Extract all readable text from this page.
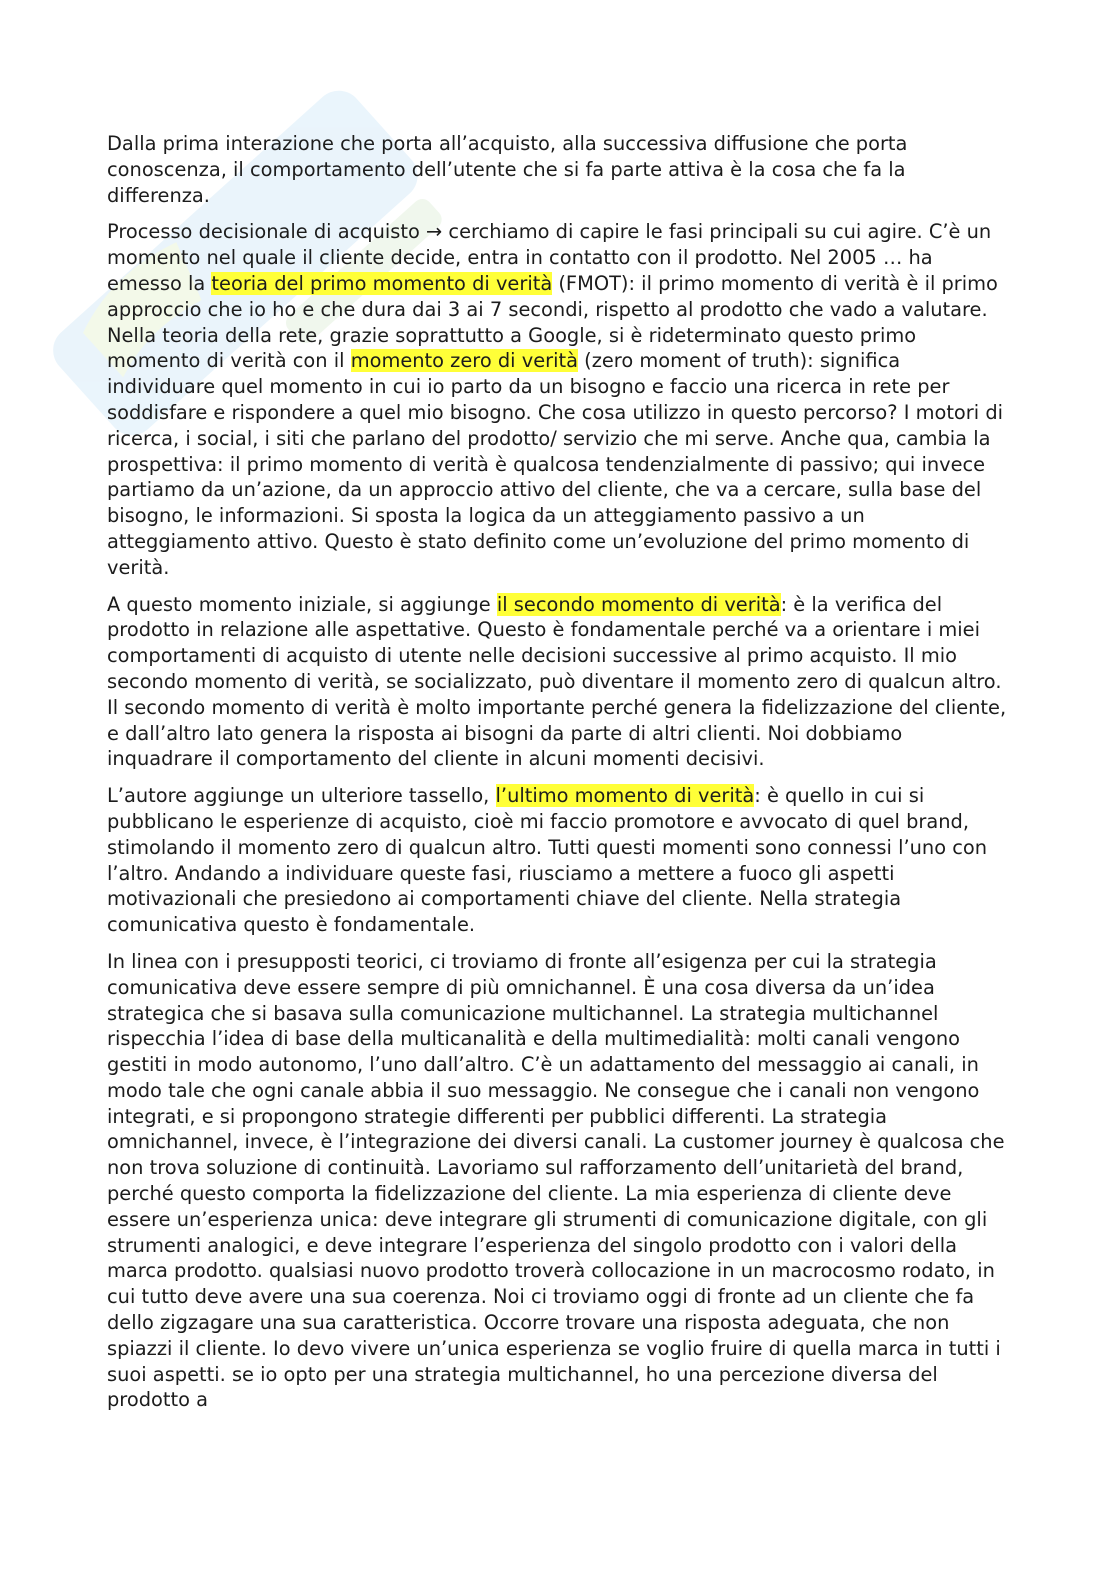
Dalla prima interazione che porta all’acquisto, alla successiva diffusione che porta conoscenza, il comportamento dell’utente che si fa parte attiva è la cosa che fa la differenza.

Processo decisionale di acquisto → cerchiamo di capire le fasi principali su cui agire. C’è un momento nel quale il cliente decide, entra in contatto con il prodotto. Nel 2005 … ha emesso la teoria del primo momento di verità (FMOT): il primo momento di verità è il primo approccio che io ho e che dura dai 3 ai 7 secondi, rispetto al prodotto che vado a valutare. Nella teoria della rete, grazie soprattutto a Google, si è rideterminato questo primo momento di verità con il momento zero di verità (zero moment of truth): significa individuare quel momento in cui io parto da un bisogno e faccio una ricerca in rete per soddisfare e rispondere a quel mio bisogno. Che cosa utilizzo in questo percorso? I motori di ricerca, i social, i siti che parlano del prodotto/ servizio che mi serve. Anche qua, cambia la prospettiva: il primo momento di verità è qualcosa tendenzialmente di passivo; qui invece partiamo da un’azione, da un approccio attivo del cliente, che va a cercare, sulla base del bisogno, le informazioni. Si sposta la logica da un atteggiamento passivo a un atteggiamento attivo. Questo è stato definito come un’evoluzione del primo momento di verità.

A questo momento iniziale, si aggiunge il secondo momento di verità: è la verifica del prodotto in relazione alle aspettative. Questo è fondamentale perché va a orientare i miei comportamenti di acquisto di utente nelle decisioni successive al primo acquisto. Il mio secondo momento di verità, se socializzato, può diventare il momento zero di qualcun altro. Il secondo momento di verità è molto importante perché genera la fidelizzazione del cliente, e dall’altro lato genera la risposta ai bisogni da parte di altri clienti. Noi dobbiamo inquadrare il comportamento del cliente in alcuni momenti decisivi.

L’autore aggiunge un ulteriore tassello, l’ultimo momento di verità: è quello in cui si pubblicano le esperienze di acquisto, cioè mi faccio promotore e avvocato di quel brand, stimolando il momento zero di qualcun altro. Tutti questi momenti sono connessi l’uno con l’altro. Andando a individuare queste fasi, riusciamo a mettere a fuoco gli aspetti motivazionali che presiedono ai comportamenti chiave del cliente. Nella strategia comunicativa questo è fondamentale.

In linea con i presupposti teorici, ci troviamo di fronte all’esigenza per cui la strategia comunicativa deve essere sempre di più omnichannel. È una cosa diversa da un’idea strategica che si basava sulla comunicazione multichannel. La strategia multichannel rispecchia l’idea di base della multicanalità e della multimedialità: molti canali vengono gestiti in modo autonomo, l’uno dall’altro. C’è un adattamento del messaggio ai canali, in modo tale che ogni canale abbia il suo messaggio. Ne consegue che i canali non vengono integrati, e si propongono strategie differenti per pubblici differenti. La strategia omnichannel, invece, è l’integrazione dei diversi canali. La customer journey è qualcosa che non trova soluzione di continuità. Lavoriamo sul rafforzamento dell’unitarietà del brand, perché questo comporta la fidelizzazione del cliente. La mia esperienza di cliente deve essere un’esperienza unica: deve integrare gli strumenti di comunicazione digitale, con gli strumenti analogici, e deve integrare l’esperienza del singolo prodotto con i valori della marca prodotto. qualsiasi nuovo prodotto troverà collocazione in un macrocosmo rodato, in cui tutto deve avere una sua coerenza. Noi ci troviamo oggi di fronte ad un cliente che fa dello zigzagare una sua caratteristica. Occorre trovare una risposta adeguata, che non spiazzi il cliente. Io devo vivere un’unica esperienza se voglio fruire di quella marca in tutti i suoi aspetti. se io opto per una strategia multichannel, ho una percezione diversa del prodotto a
